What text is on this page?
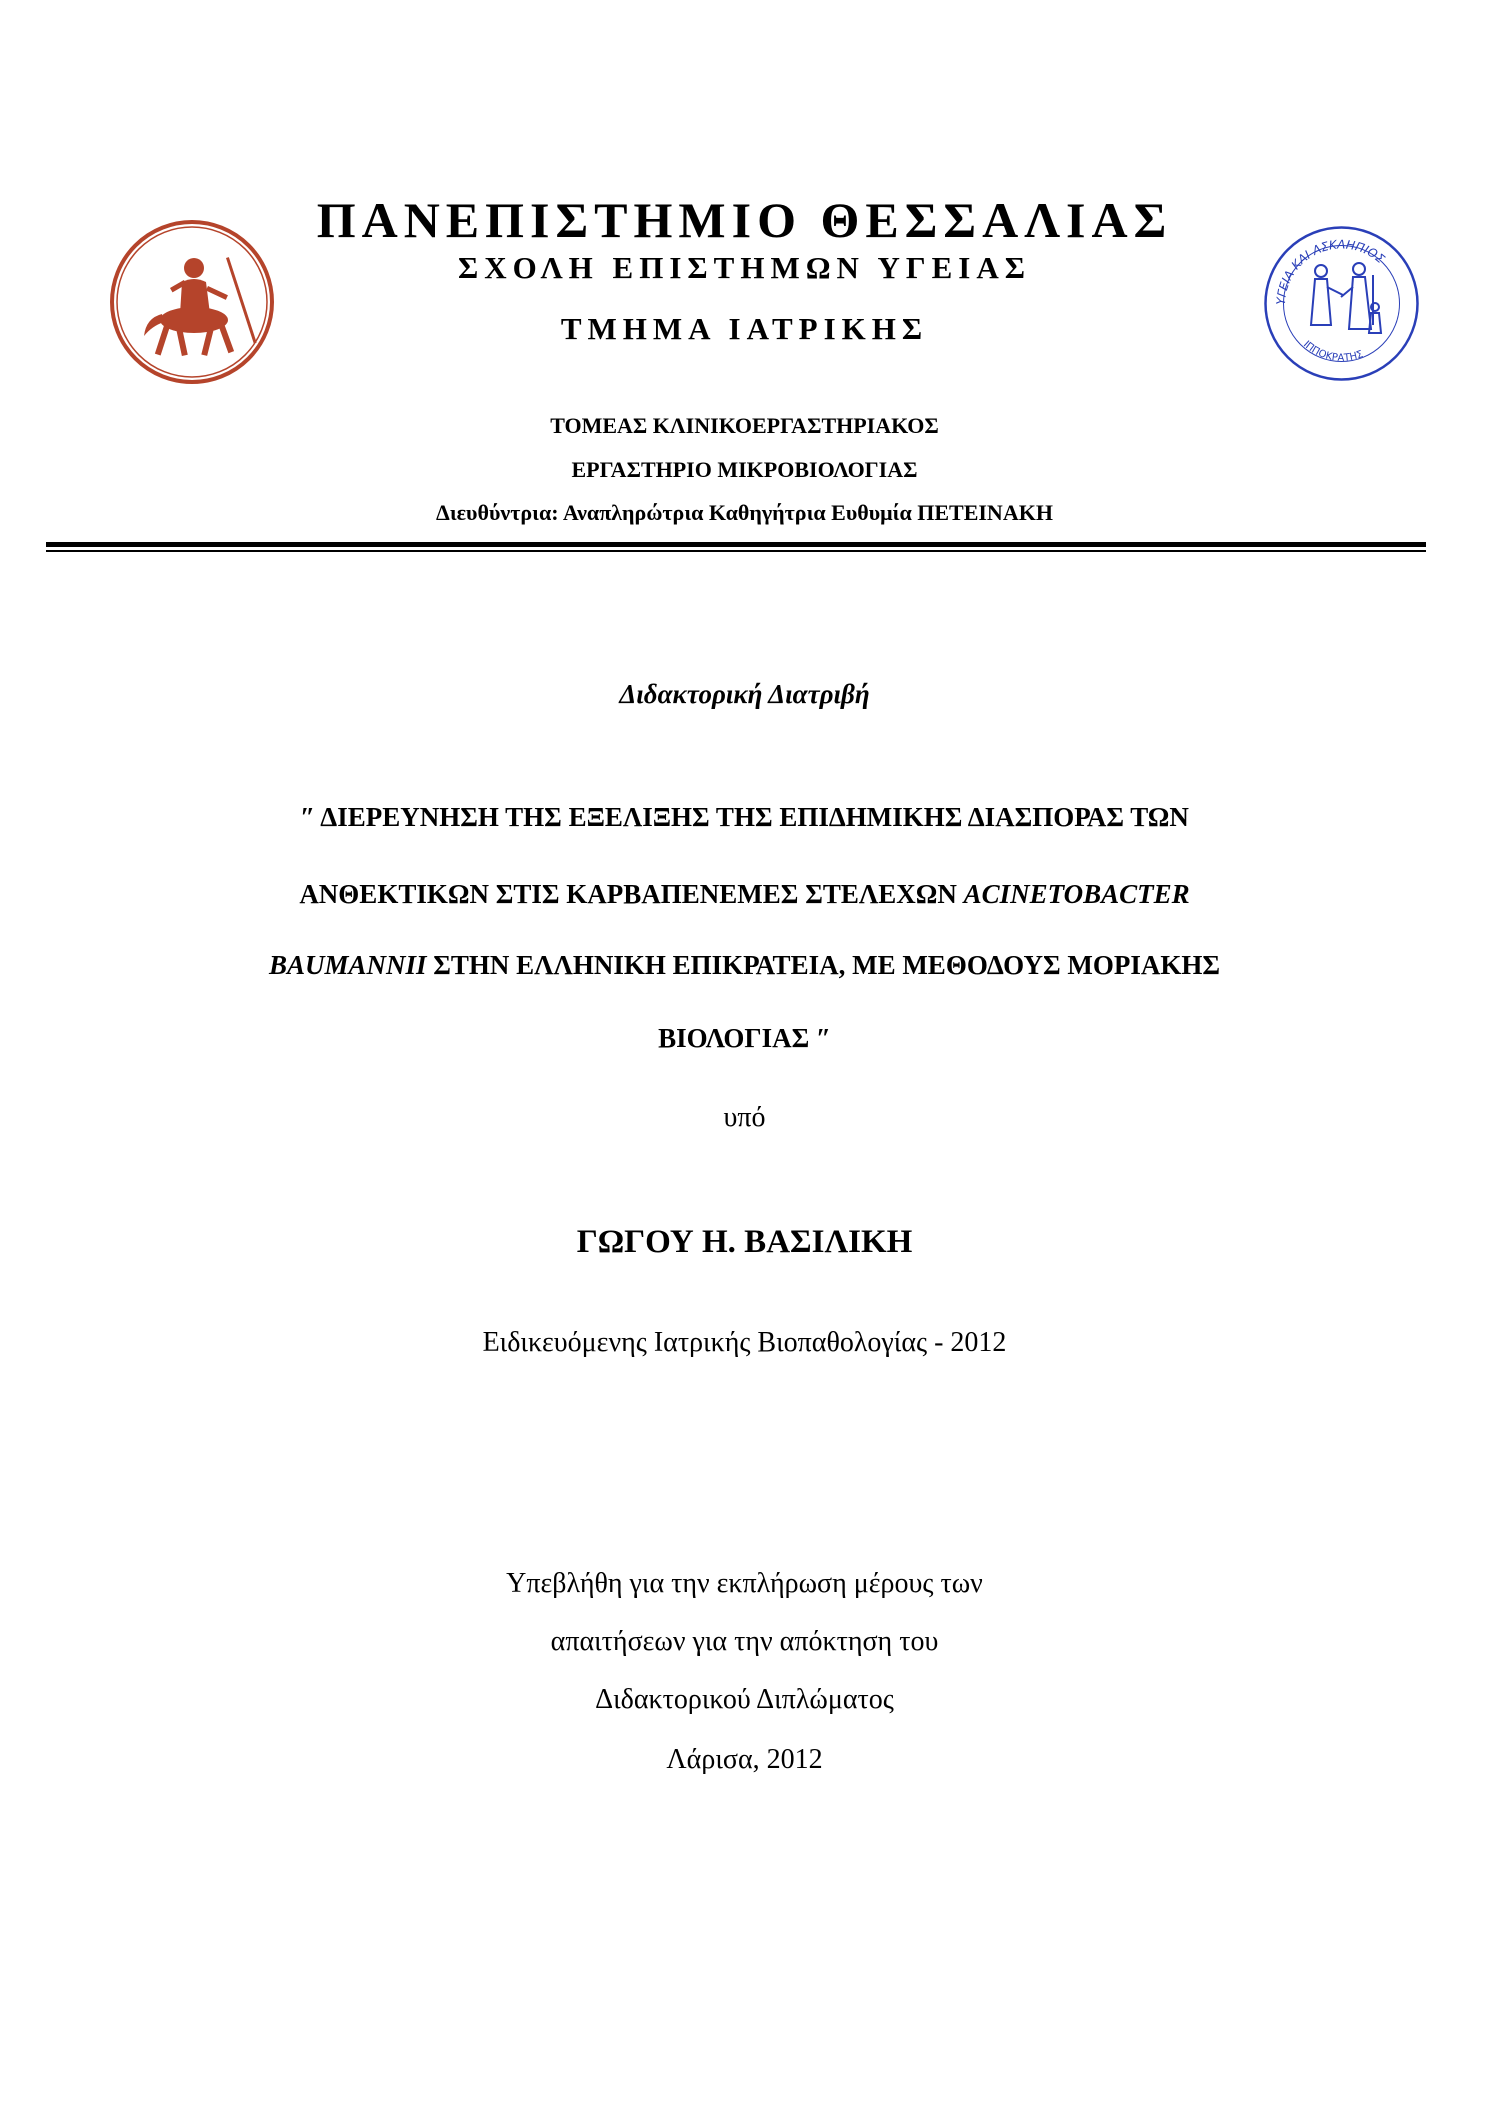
ΥΓΕΙΑ ΚΑΙ ΑΣΚΛΗΠΙΟΣ
ΙΠΠΟΚΡΑΤΗΣ
ΠΑΝΕΠΙΣΤΗΜΙΟ ΘΕΣΣΑΛΙΑΣ
ΣΧΟΛΗ ΕΠΙΣΤΗΜΩΝ ΥΓΕΙΑΣ
ΤΜΗΜΑ ΙΑΤΡΙΚΗΣ
ΤΟΜΕΑΣ ΚΛΙΝΙΚΟΕΡΓΑΣΤΗΡΙΑΚΟΣ
ΕΡΓΑΣΤΗΡΙΟ ΜΙΚΡΟΒΙΟΛΟΓΙΑΣ
Διευθύντρια: Αναπληρώτρια Καθηγήτρια Ευθυμία ΠΕΤΕΙΝΑΚΗ
Διδακτορική Διατριβή
″ ΔΙΕΡΕΥΝΗΣΗ ΤΗΣ ΕΞΕΛΙΞΗΣ ΤΗΣ ΕΠΙΔΗΜΙΚΗΣ ΔΙΑΣΠΟΡΑΣ ΤΩΝ
ΑΝΘΕΚΤΙΚΩΝ ΣΤΙΣ ΚΑΡΒΑΠΕΝΕΜΕΣ ΣΤΕΛΕΧΩΝ ACINETOBACTER
BAUMANNII ΣΤΗΝ ΕΛΛΗΝΙΚΗ ΕΠΙΚΡΑΤΕΙΑ, ΜΕ ΜΕΘΟΔΟΥΣ ΜΟΡΙΑΚΗΣ
ΒΙΟΛΟΓΙΑΣ ″
υπό
ΓΩΓΟΥ Η. ΒΑΣΙΛΙΚΗ
Ειδικευόμενης Ιατρικής Βιοπαθολογίας - 2012
Υπεβλήθη για την εκπλήρωση μέρους των
απαιτήσεων για την απόκτηση του
Διδακτορικού Διπλώματος
Λάρισα, 2012
